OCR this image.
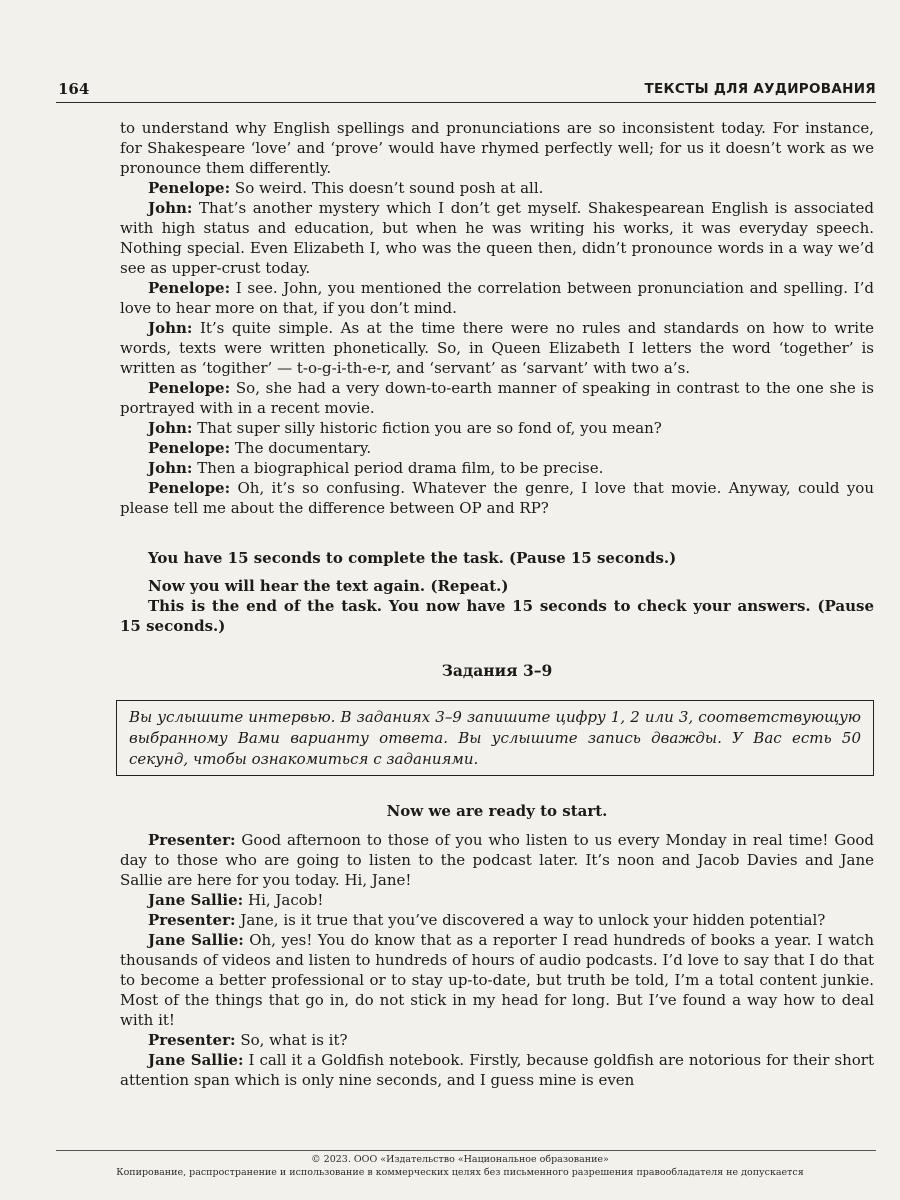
164	ТЕКСТЫ ДЛЯ АУДИРОВАНИЯ

to understand why English spellings and pronunciations are so inconsistent today. For instance, for Shakespeare ‘love’ and ‘prove’ would have rhymed perfectly well; for us it doesn’t work as we pronounce them differently.

Penelope: So weird. This doesn’t sound posh at all.

John: That’s another mystery which I don’t get myself. Shakespearean English is associated with high status and education, but when he was writing his works, it was everyday speech. Nothing special. Even Elizabeth I, who was the queen then, didn’t pronounce words in a way we’d see as upper-crust today.

Penelope: I see. John, you mentioned the correlation between pronunciation and spelling. I’d love to hear more on that, if you don’t mind.

John: It’s quite simple. As at the time there were no rules and standards on how to write words, texts were written phonetically. So, in Queen Elizabeth I letters the word ‘together’ is written as ‘togither’ — t-o-g-i-th-e-r, and ‘servant’ as ‘sarvant’ with two a’s.

Penelope: So, she had a very down-to-earth manner of speaking in contrast to the one she is portrayed with in a recent movie.

John: That super silly historic fiction you are so fond of, you mean?

Penelope: The documentary.

John: Then a biographical period drama film, to be precise.

Penelope: Oh, it’s so confusing. Whatever the genre, I love that movie. Anyway, could you please tell me about the difference between OP and RP?

You have 15 seconds to complete the task. (Pause 15 seconds.)

Now you will hear the text again. (Repeat.)

This is the end of the task. You now have 15 seconds to check your answers. (Pause 15 seconds.)

Задания 3–9
Вы услышите интервью. В заданиях 3–9 запишите цифру 1, 2 или 3, соответствующую выбранному Вами варианту ответа. Вы услышите запись дважды. У Вас есть 50 секунд, чтобы ознакомиться с заданиями.
Now we are ready to start.

Presenter: Good afternoon to those of you who listen to us every Monday in real time! Good day to those who are going to listen to the podcast later. It’s noon and Jacob Davies and Jane Sallie are here for you today. Hi, Jane!

Jane Sallie: Hi, Jacob!

Presenter: Jane, is it true that you’ve discovered a way to unlock your hidden potential?

Jane Sallie: Oh, yes! You do know that as a reporter I read hundreds of books a year. I watch thousands of videos and listen to hundreds of hours of audio podcasts. I’d love to say that I do that to become a better professional or to stay up-to-date, but truth be told, I’m a total content junkie. Most of the things that go in, do not stick in my head for long. But I’ve found a way how to deal with it!

Presenter: So, what is it?

Jane Sallie: I call it a Goldfish notebook. Firstly, because goldfish are notorious for their short attention span which is only nine seconds, and I guess mine is even

© 2023. ООО «Издательство «Национальное образование»
Копирование, распространение и использование в коммерческих целях без письменного разрешения правообладателя не допускается
